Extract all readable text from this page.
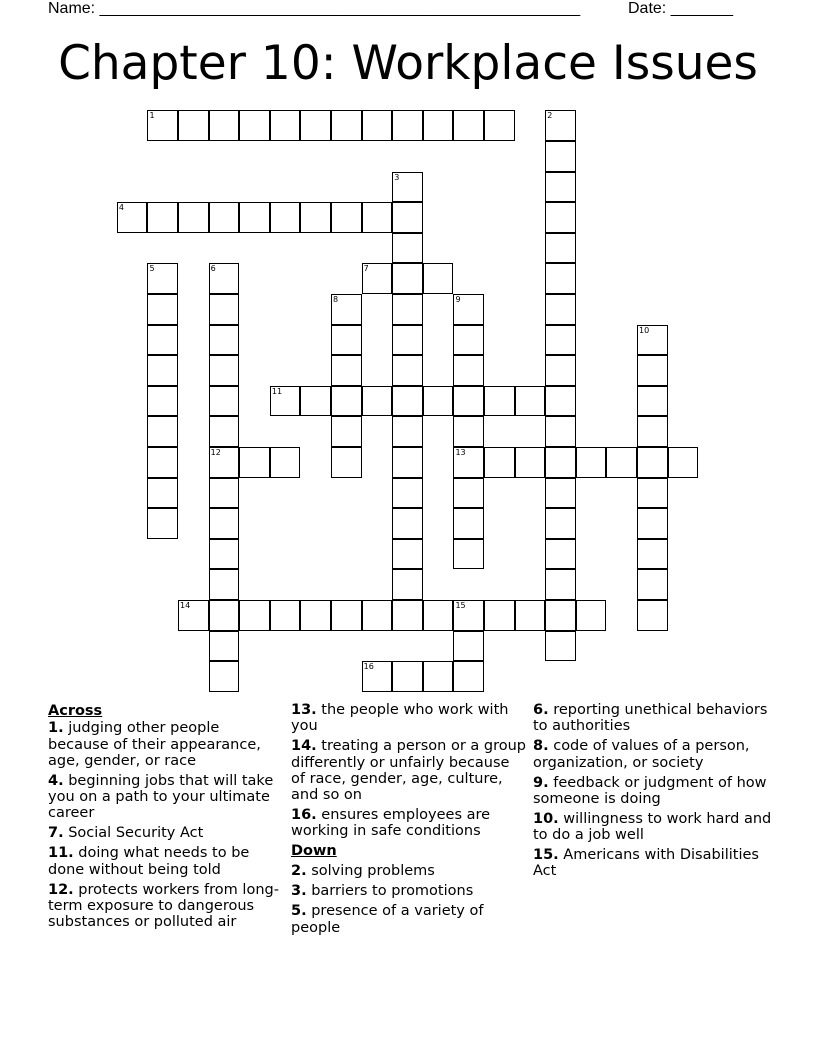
Name: ______________________________________________________	Date: _______
Chapter 10: Workplace Issues
1
4
7
11
12	13
14	15
16
2
3
5	6
8	9
10
Across
1. judging other people because of their appearance, age, gender, or race
4. beginning jobs that will take you on a path to your ultimate career
7. Social Security Act
11. doing what needs to be done without being told
12. protects workers from long-term exposure to dangerous substances or polluted air
13. the people who work with you
14. treating a person or a group differently or unfairly because of race, gender, age, culture, and so on
16. ensures employees are working in safe conditions
Down
2. solving problems
3. barriers to promotions
5. presence of a variety of people
6. reporting unethical behaviors to authorities
8. code of values of a person, organization, or society
9. feedback or judgment of how someone is doing
10. willingness to work hard and to do a job well
15. Americans with Disabilities Act
